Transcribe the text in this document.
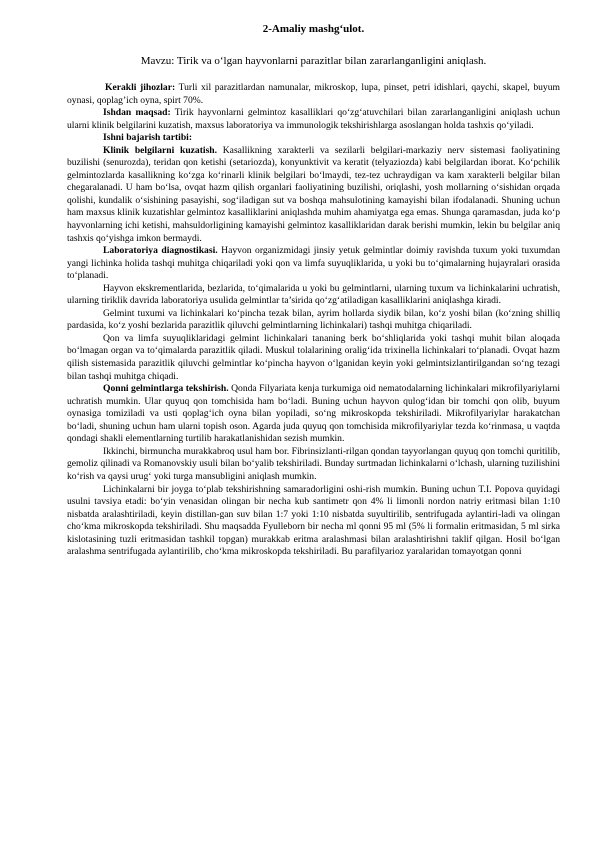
2-Amaliy mashg‘ulot.
Mavzu: Tirik va o‘lgan hayvonlarni parazitlar bilan zararlanganligini aniqlash.

Kerakli jihozlar: Turli xil parazitlardan namunalar, mikroskop, lupa, pinset, petri idishlari, qaychi, skapel, buyum oynasi, qoplag’ich oyna, spirt 70%.

Ishdan maqsad: Tirik hayvonlarni gelmintoz kasalliklari qo‘zg‘atuvchilari bilan zararlanganligini aniqlash uchun ularni klinik belgilarini kuzatish, maxsus laboratoriya va immunologik tekshirishlarga asoslangan holda tashxis qo‘yiladi.

Ishni bajarish tartibi:

Klinik belgilarni kuzatish. Kasallikning xarakterli va sezilarli belgilari-markaziy nerv sistemasi faoliyatining buzilishi (senurozda), teridan qon ketishi (setariozda), konyunktivit va keratit (telyaziozda) kabi belgilardan iborat. Ko‘pchilik gelmintozlarda kasallikning ko‘zga ko‘rinarli klinik belgilari bo‘lmaydi, tez-tez uchraydigan va kam xarakterli belgilar bilan chegaralanadi. U ham bo‘lsa, ovqat hazm qilish organlari faoliyatining buzilishi, oriqlashi, yosh mollarning o‘sishidan orqada qolishi, kundalik o‘sishining pasayishi, sog‘iladigan sut va boshqa mahsulotining kamayishi bilan ifodalanadi. Shuning uchun ham maxsus klinik kuzatishlar gelmintoz kasalliklarini aniqlashda muhim ahamiyatga ega emas. Shunga qaramasdan, juda ko‘p hayvonlarning ichi ketishi, mahsuldorligining kamayishi gelmintoz kasalliklaridan darak berishi mumkin, lekin bu belgilar aniq tashxis qo‘yishga imkon bermaydi.

Laboratoriya diagnostikasi. Hayvon organizmidagi jinsiy yetuk gelmintlar doimiy ravishda tuxum yoki tuxumdan yangi lichinka holida tashqi muhitga chiqariladi yoki qon va limfa suyuqliklarida, u yoki bu to‘qimalarning hujayralari orasida to‘planadi.

Hayvon ekskrementlarida, bezlarida, to‘qimalarida u yoki bu gelmintlarni, ularning tuxum va lichinkalarini uchratish, ularning tiriklik davrida laboratoriya usulida gelmintlar ta’sirida qo‘zg‘atiladigan kasalliklarini aniqlashga kiradi.

Gelmint tuxumi va lichinkalari ko‘pincha tezak bilan, ayrim hollarda siydik bilan, ko‘z yoshi bilan (ko‘zning shilliq pardasida, ko‘z yoshi bezlarida parazitlik qiluvchi gelmintlarning lichinkalari) tashqi muhitga chiqariladi.

Qon va limfa suyuqliklaridagi gelmint lichinkalari tananing berk bo‘shliqlarida yoki tashqi muhit bilan aloqada bo‘lmagan organ va to‘qimalarda parazitlik qiladi. Muskul tolalarining oralig‘ida trixinella lichinkalari to‘planadi. Ovqat hazm qilish sistemasida parazitlik qiluvchi gelmintlar ko‘pincha hayvon o‘lganidan keyin yoki gelmintsizlantirilgandan so‘ng tezagi bilan tashqi muhitga chiqadi.

Qonni gelmintlarga tekshirish. Qonda Filyariata kenja turkumiga oid nematodalarning lichinkalari mikrofilyariylarni uchratish mumkin. Ular quyuq qon tomchisida ham bo‘ladi. Buning uchun hayvon qulog‘idan bir tomchi qon olib, buyum oynasiga tomiziladi va usti qoplag‘ich oyna bilan yopiladi, so‘ng mikroskopda tekshiriladi. Mikrofilyariylar harakatchan bo‘ladi, shuning uchun ham ularni topish oson. Agarda juda quyuq qon tomchisida mikrofilyariylar tezda ko‘rinmasa, u vaqtda qondagi shakli elementlarning turtilib harakatlanishidan sezish mumkin.

Ikkinchi, birmuncha murakkabroq usul ham bor. Fibrinsizlanti-rilgan qondan tayyorlangan quyuq qon tomchi quritilib, gemoliz qilinadi va Romanovskiy usuli bilan bo‘yalib tekshiriladi. Bunday surtmadan lichinkalarni o‘lchash, ularning tuzilishini ko‘rish va qaysi urug‘ yoki turga mansubligini aniqlash mumkin.

Lichinkalarni bir joyga to‘plab tekshirishning samaradorligini oshi-rish mumkin. Buning uchun T.I. Popova quyidagi usulni tavsiya etadi: bo‘yin venasidan olingan bir necha kub santimetr qon 4% li limonli nordon natriy eritmasi bilan 1:10 nisbatda aralashtiriladi, keyin distillan-gan suv bilan 1:7 yoki 1:10 nisbatda suyultirilib, sentrifugada aylantiri-ladi va olingan cho‘kma mikroskopda tekshiriladi. Shu maqsadda Fyulleborn bir necha ml qonni 95 ml (5% li formalin eritmasidan, 5 ml sirka kislotasining tuzli eritmasidan tashkil topgan) murakkab eritma aralashmasi bilan aralashtirishni taklif qilgan. Hosil bo‘lgan aralashma sentrifugada aylantirilib, cho‘kma mikroskopda tekshiriladi. Bu parafilyarioz yaralaridan tomayotgan qonni
